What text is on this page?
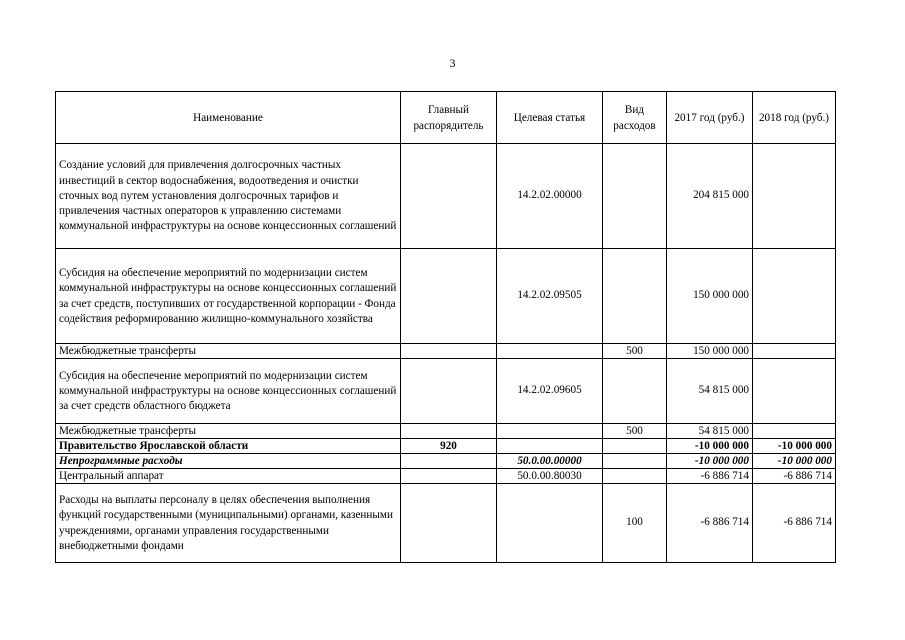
3
Наименование	Главный распорядитель	Целевая статья	Вид расходов	2017 год (руб.)	2018 год (руб.)
Создание условий для привлечения долгосрочных частных инвестиций в сектор водоснабжения, водоотведения и очистки сточных вод путем установления долгосрочных тарифов и привлечения частных операторов к управлению системами коммунальной инфраструктуры на основе концессионных соглашений		14.2.02.00000		204 815 000	
Субсидия на обеспечение мероприятий по модернизации систем коммунальной инфраструктуры на основе концессионных соглашений за счет средств, поступивших от государственной корпорации - Фонда содействия реформированию жилищно-коммунального хозяйства		14.2.02.09505		150 000 000	
Межбюджетные трансферты			500	150 000 000	
Субсидия на обеспечение мероприятий по модернизации систем коммунальной инфраструктуры на основе концессионных соглашений за счет средств областного бюджета		14.2.02.09605		54 815 000	
Межбюджетные трансферты			500	54 815 000	
Правительство Ярославской области	920			-10 000 000	-10 000 000
Непрограммные расходы		50.0.00.00000		-10 000 000	-10 000 000
Центральный аппарат		50.0.00.80030		-6 886 714	-6 886 714
Расходы на выплаты персоналу в целях обеспечения выполнения функций государственными (муниципальными) органами, казенными учреждениями, органами управления государственными внебюджетными фондами			100	-6 886 714	-6 886 714
